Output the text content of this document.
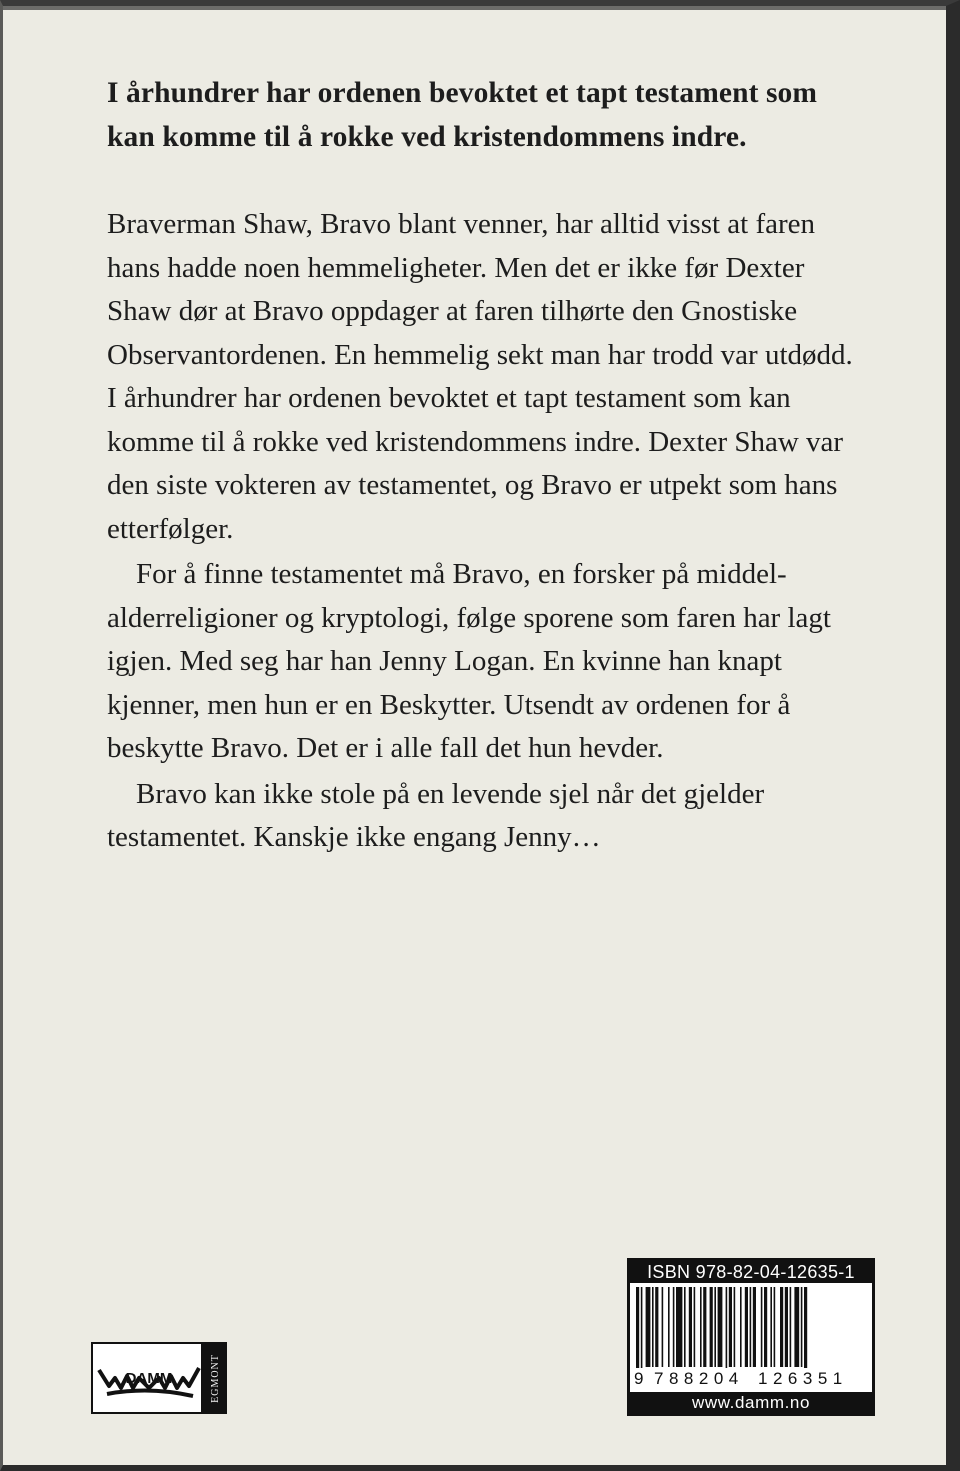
I århundrer har ordenen bevoktet et tapt testament som kan komme til å rokke ved kristendommens indre.

Braverman Shaw, Bravo blant venner, har alltid visst at faren hans hadde noen hemmeligheter. Men det er ikke før Dexter Shaw dør at Bravo oppdager at faren tilhørte den Gnostiske Observantordenen. En hemmelig sekt man har trodd var utdødd. I århundrer har ordenen bevoktet et tapt testament som kan komme til å rokke ved kristendommens indre. Dexter Shaw var den siste vokteren av testamentet, og Bravo er utpekt som hans etterfølger.

For å finne testamentet må Bravo, en forsker på middel-alderreligioner og kryptologi, følge sporene som faren har lagt igjen. Med seg har han Jenny Logan. En kvinne han knapt kjenner, men hun er en Beskytter. Utsendt av ordenen for å beskytte Bravo. Det er i alle fall det hun hevder.

Bravo kan ikke stole på en levende sjel når det gjelder testamentet. Kanskje ikke engang Jenny…

DAMM	EGMONT
ISBN 978-82-04-12635-1
9 788204 126351
www.damm.no
